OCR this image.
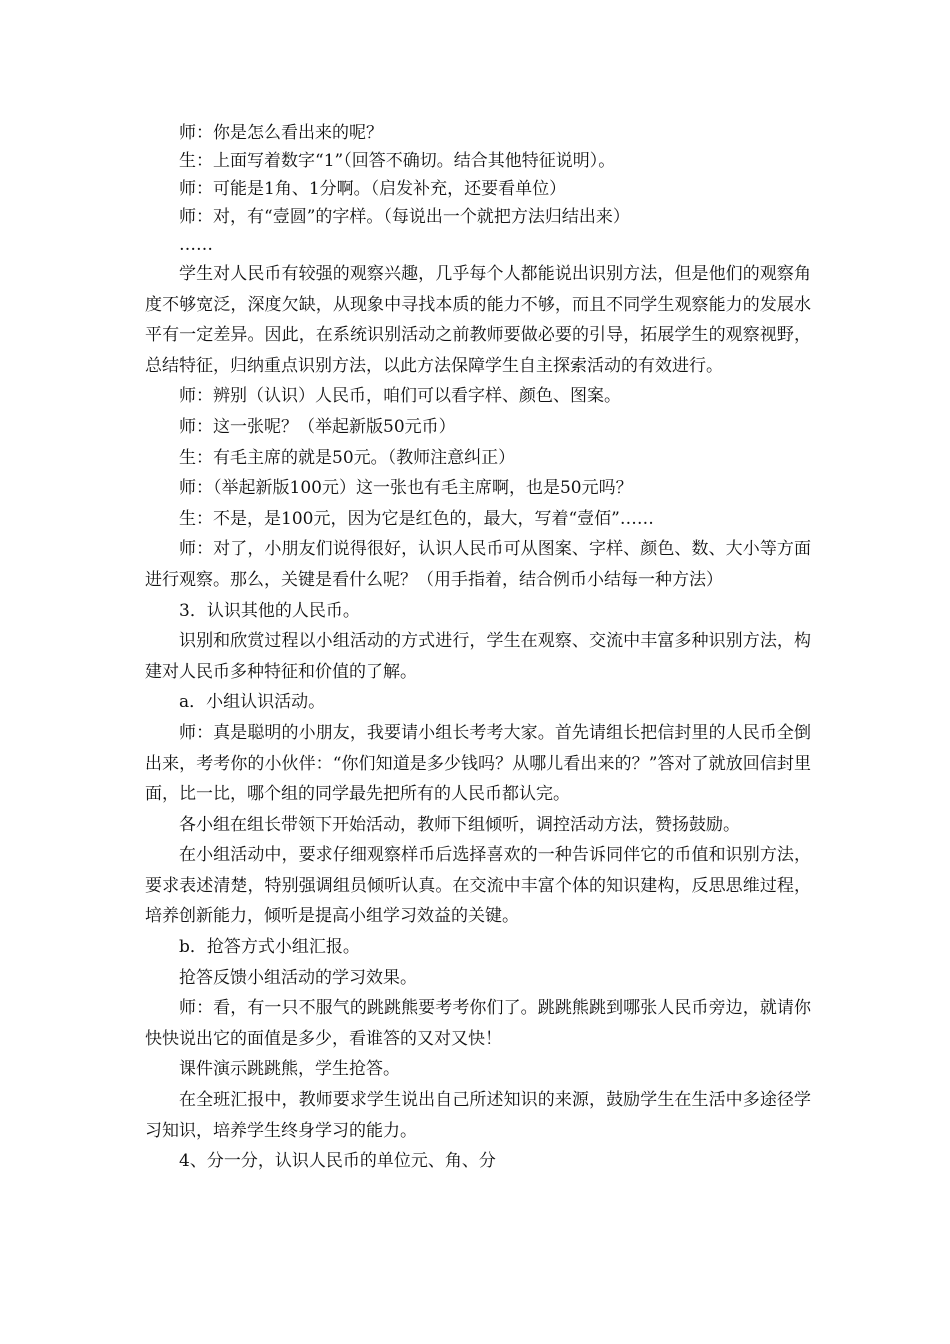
师：你是怎么看出来的呢？

生：上面写着数字“1”（回答不确切。结合其他特征说明）。

师：可能是1角、1分啊。（启发补充，还要看单位）

师：对，有“壹圆”的字样。（每说出一个就把方法归结出来）

……

学生对人民币有较强的观察兴趣，几乎每个人都能说出识别方法，但是他们的观察角度不够宽泛，深度欠缺，从现象中寻找本质的能力不够，而且不同学生观察能力的发展水平有一定差异。因此，在系统识别活动之前教师要做必要的引导，拓展学生的观察视野，总结特征，归纳重点识别方法，以此方法保障学生自主探索活动的有效进行。

师：辨别（认识）人民币，咱们可以看字样、颜色、图案。

师：这一张呢？（举起新版50元币）

生：有毛主席的就是50元。（教师注意纠正）

师：（举起新版100元）这一张也有毛主席啊，也是50元吗？

生：不是，是100元，因为它是红色的，最大，写着“壹佰”……

师：对了，小朋友们说得很好，认识人民币可从图案、字样、颜色、数、大小等方面进行观察。那么，关键是看什么呢？（用手指着，结合例币小结每一种方法）

3．认识其他的人民币。

识别和欣赏过程以小组活动的方式进行，学生在观察、交流中丰富多种识别方法，构建对人民币多种特征和价值的了解。

a．小组认识活动。

师：真是聪明的小朋友，我要请小组长考考大家。首先请组长把信封里的人民币全倒出来，考考你的小伙伴：“你们知道是多少钱吗？从哪儿看出来的？”答对了就放回信封里面，比一比，哪个组的同学最先把所有的人民币都认完。

各小组在组长带领下开始活动，教师下组倾听，调控活动方法，赞扬鼓励。

在小组活动中，要求仔细观察样币后选择喜欢的一种告诉同伴它的币值和识别方法，要求表述清楚，特别强调组员倾听认真。在交流中丰富个体的知识建构，反思思维过程，培养创新能力，倾听是提高小组学习效益的关键。

b．抢答方式小组汇报。

抢答反馈小组活动的学习效果。

师：看，有一只不服气的跳跳熊要考考你们了。跳跳熊跳到哪张人民币旁边，就请你快快说出它的面值是多少，看谁答的又对又快！

课件演示跳跳熊，学生抢答。

在全班汇报中，教师要求学生说出自己所述知识的来源，鼓励学生在生活中多途径学习知识，培养学生终身学习的能力。

4、分一分，认识人民币的单位元、角、分
